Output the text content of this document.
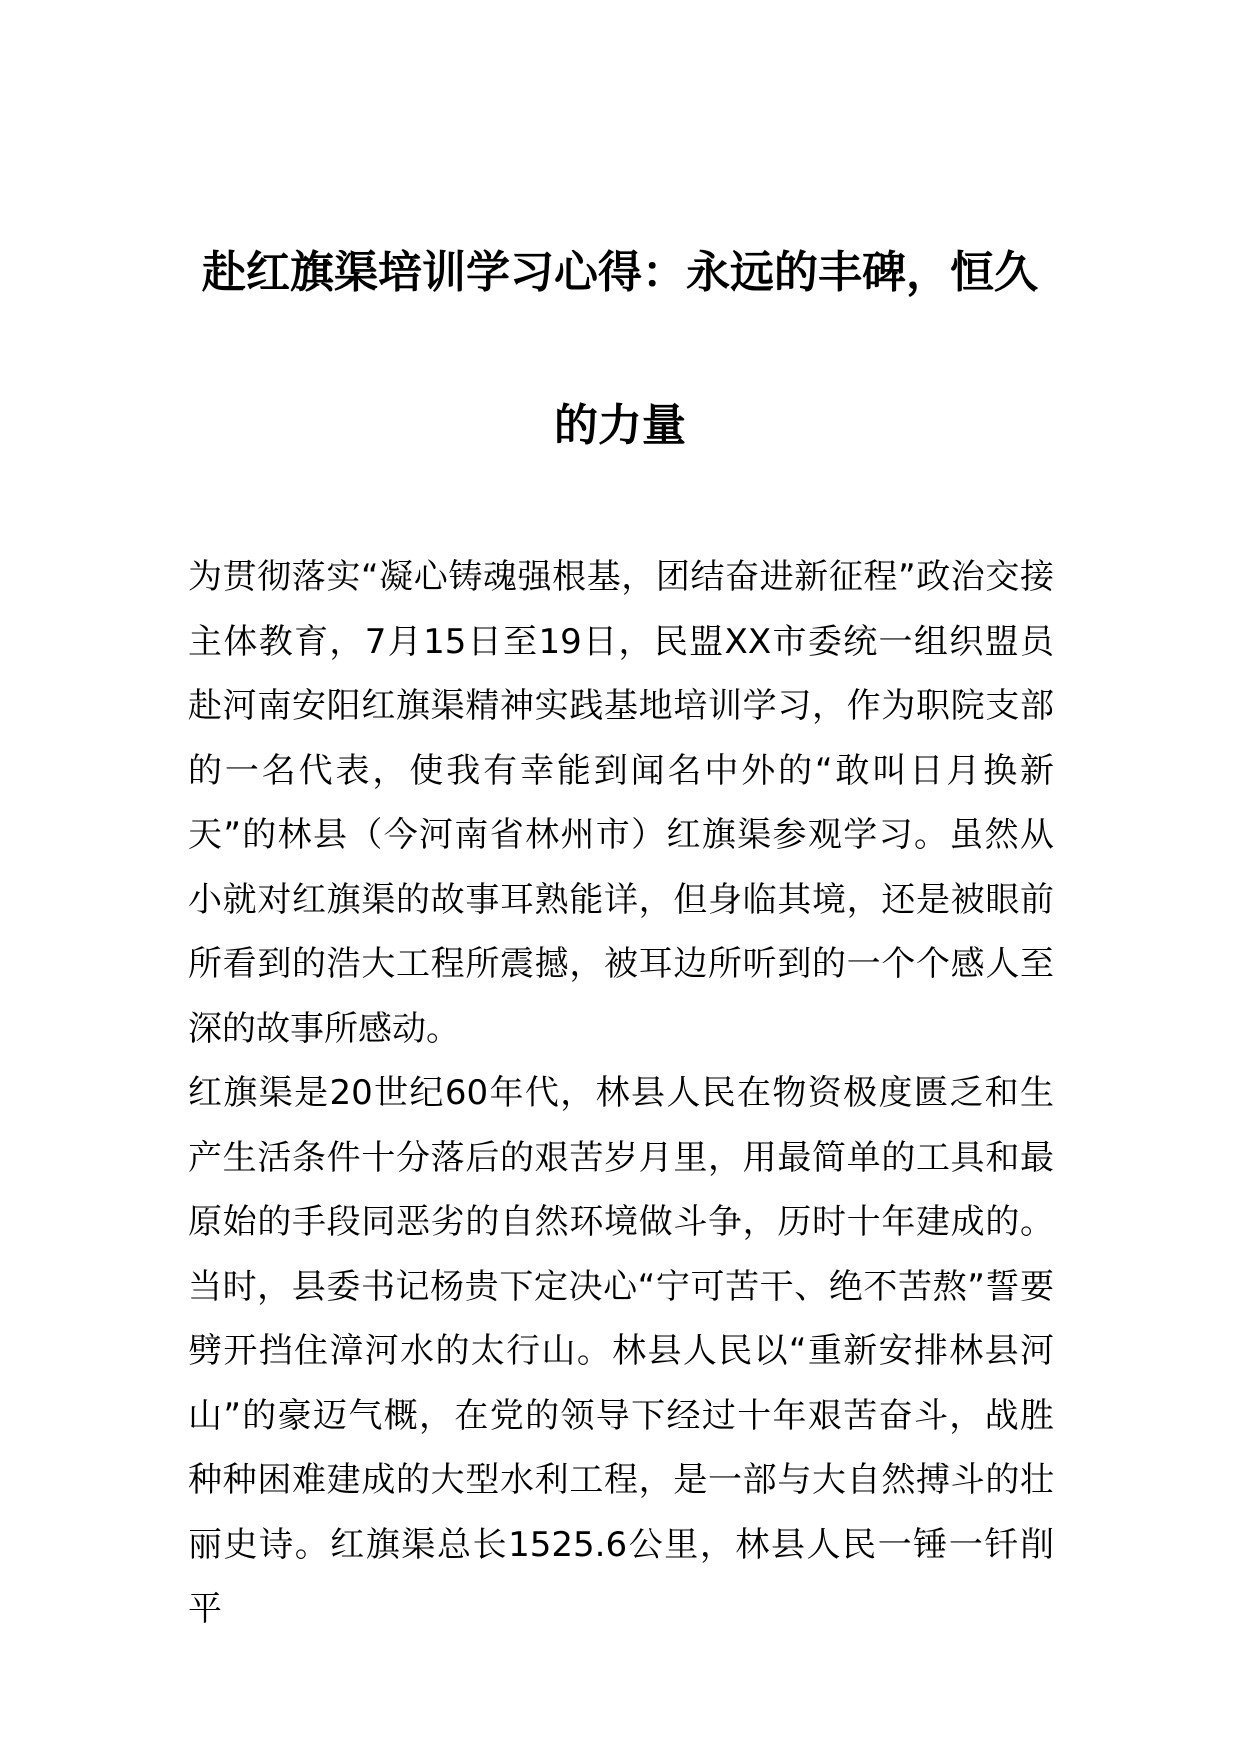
赴红旗渠培训学习心得：永远的丰碑，恒久的力量

为贯彻落实“凝心铸魂强根基，团结奋进新征程”政治交接主体教育，7月15日至19日，民盟XX市委统一组织盟员赴河南安阳红旗渠精神实践基地培训学习，作为职院支部的一名代表，使我有幸能到闻名中外的“敢叫日月换新天”的林县（今河南省林州市）红旗渠参观学习。虽然从小就对红旗渠的故事耳熟能详，但身临其境，还是被眼前所看到的浩大工程所震撼，被耳边所听到的一个个感人至深的故事所感动。

红旗渠是20世纪60年代，林县人民在物资极度匮乏和生产生活条件十分落后的艰苦岁月里，用最简单的工具和最原始的手段同恶劣的自然环境做斗争，历时十年建成的。当时，县委书记杨贵下定决心“宁可苦干、绝不苦熬”誓要劈开挡住漳河水的太行山。林县人民以“重新安排林县河山”的豪迈气概，在党的领导下经过十年艰苦奋斗，战胜种种困难建成的大型水利工程，是一部与大自然搏斗的壮丽史诗。红旗渠总长1525.6公里，林县人民一锤一钎削平
